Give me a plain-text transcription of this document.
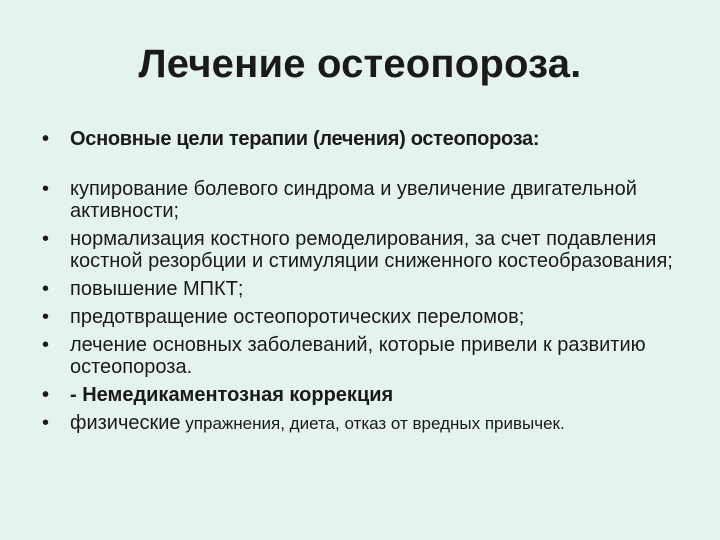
Лечение остеопороза.
•	Основные цели терапии (лечения) остеопороза:
•	купирование болевого синдрома и увеличение двигательной активности;
•	нормализация костного ремоделирования, за счет подавления костной резорбции и стимуляции сниженного костеобразования;
•	повышение МПКТ;
•	предотвращение остеопоротических переломов;
•	лечение основных заболеваний, которые привели к развитию остеопороза.
•	- Немедикаментозная коррекция
•	физические упражнения, диета, отказ от вредных привычек.
